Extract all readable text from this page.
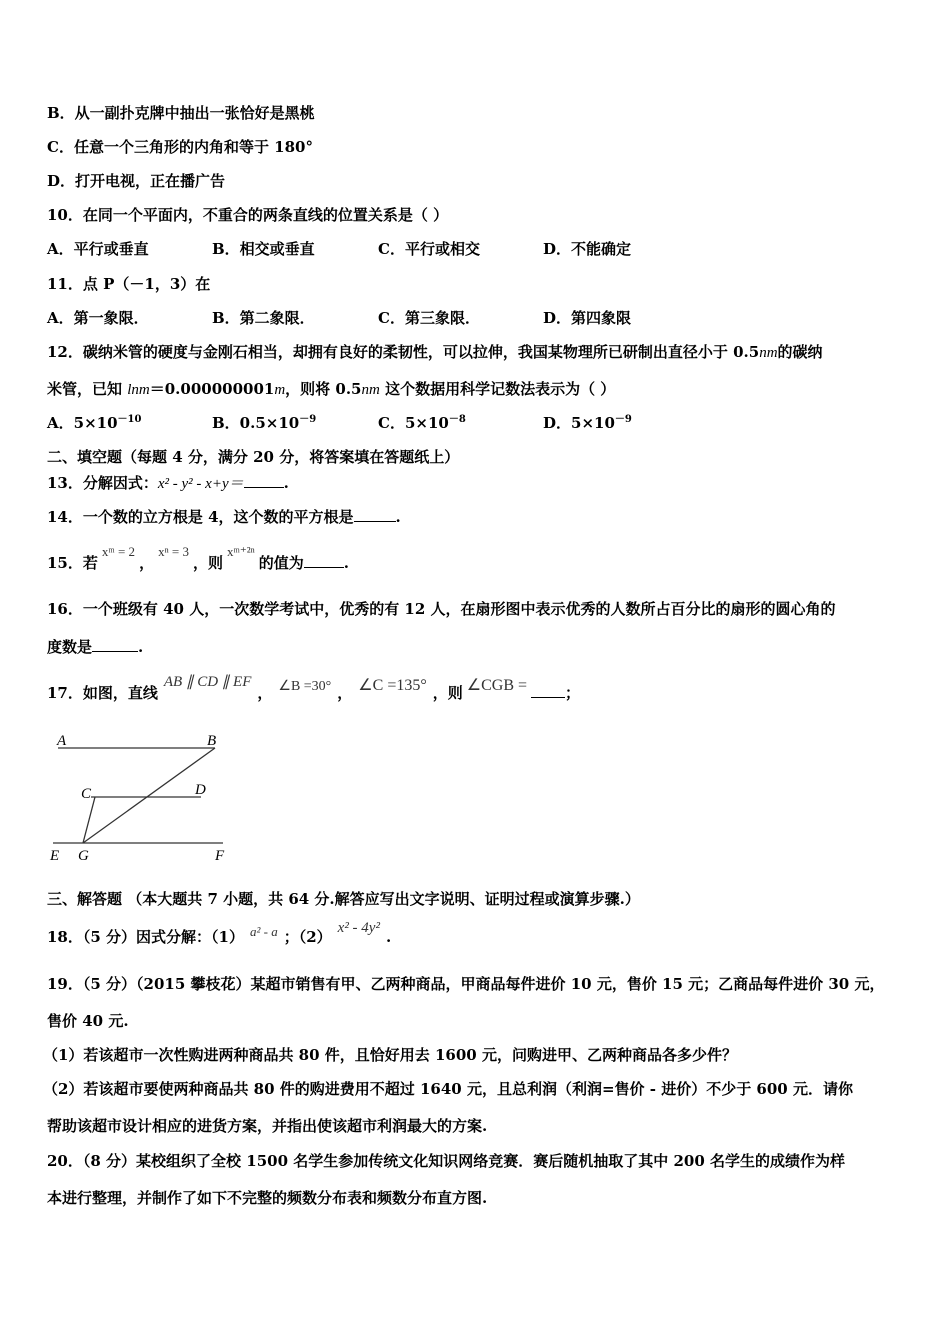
B．从一副扑克牌中抽出一张恰好是黑桃
C．任意一个三角形的内角和等于 180°
D．打开电视，正在播广告
10．在同一个平面内，不重合的两条直线的位置关系是（ ）
A．平行或垂直	B．相交或垂直	C．平行或相交	D．不能确定
11．点 P（－1，3）在
A．第一象限．	B．第二象限．	C．第三象限．	D．第四象限
12．碳纳米管的硬度与金刚石相当，却拥有良好的柔韧性，可以拉伸，我国某物理所已研制出直径小于 0.5nm的碳纳
米管，已知 lnm＝0.000000001m，则将 0.5nm 这个数据用科学记数法表示为（ ）
A．$5\times 10^{-10}$	B．$0.5\times 10^{-9}$	C．$5\times 10^{-8}$	D．$5\times 10^{-9}$
二、填空题（每题 4 分，满分 20 分，将答案填在答题纸上）
13．分解因式：x² - y² - x+y＝	.
14．一个数的立方根是 4，这个数的平方根是	.
15．若xᵐ = 2，xⁿ = 3，则xᵐ⁺²ⁿ的值为	.
16．一个班级有 40 人，一次数学考试中，优秀的有 12 人，在扇形图中表示优秀的人数所占百分比的扇形的圆心角的
度数是	.
17．如图，直线AB ∥ CD ∥ EF， ∠B =30° ， ∠C =135° ，则 ∠CGB =	；
A	B
C	D
E G	F
三、解答题 （本大题共 7 小题，共 64 分.解答应写出文字说明、证明过程或演算步骤.）
18．（5 分）因式分解：（1） a² - a ；（2） x² - 4y² .
19．（5 分）（2015 攀枝花）某超市销售有甲、乙两种商品，甲商品每件进价 10 元，售价 15 元；乙商品每件进价 30 元，
售价 40 元.
（1）若该超市一次性购进两种商品共 80 件，且恰好用去 1600 元，问购进甲、乙两种商品各多少件？
（2）若该超市要使两种商品共 80 件的购进费用不超过 1640 元，且总利润（利润=售价 - 进价）不少于 600 元．请你
帮助该超市设计相应的进货方案，并指出使该超市利润最大的方案.
20．（8 分）某校组织了全校 1500 名学生参加传统文化知识网络竞赛．赛后随机抽取了其中 200 名学生的成绩作为样
本进行整理，并制作了如下不完整的频数分布表和频数分布直方图.
